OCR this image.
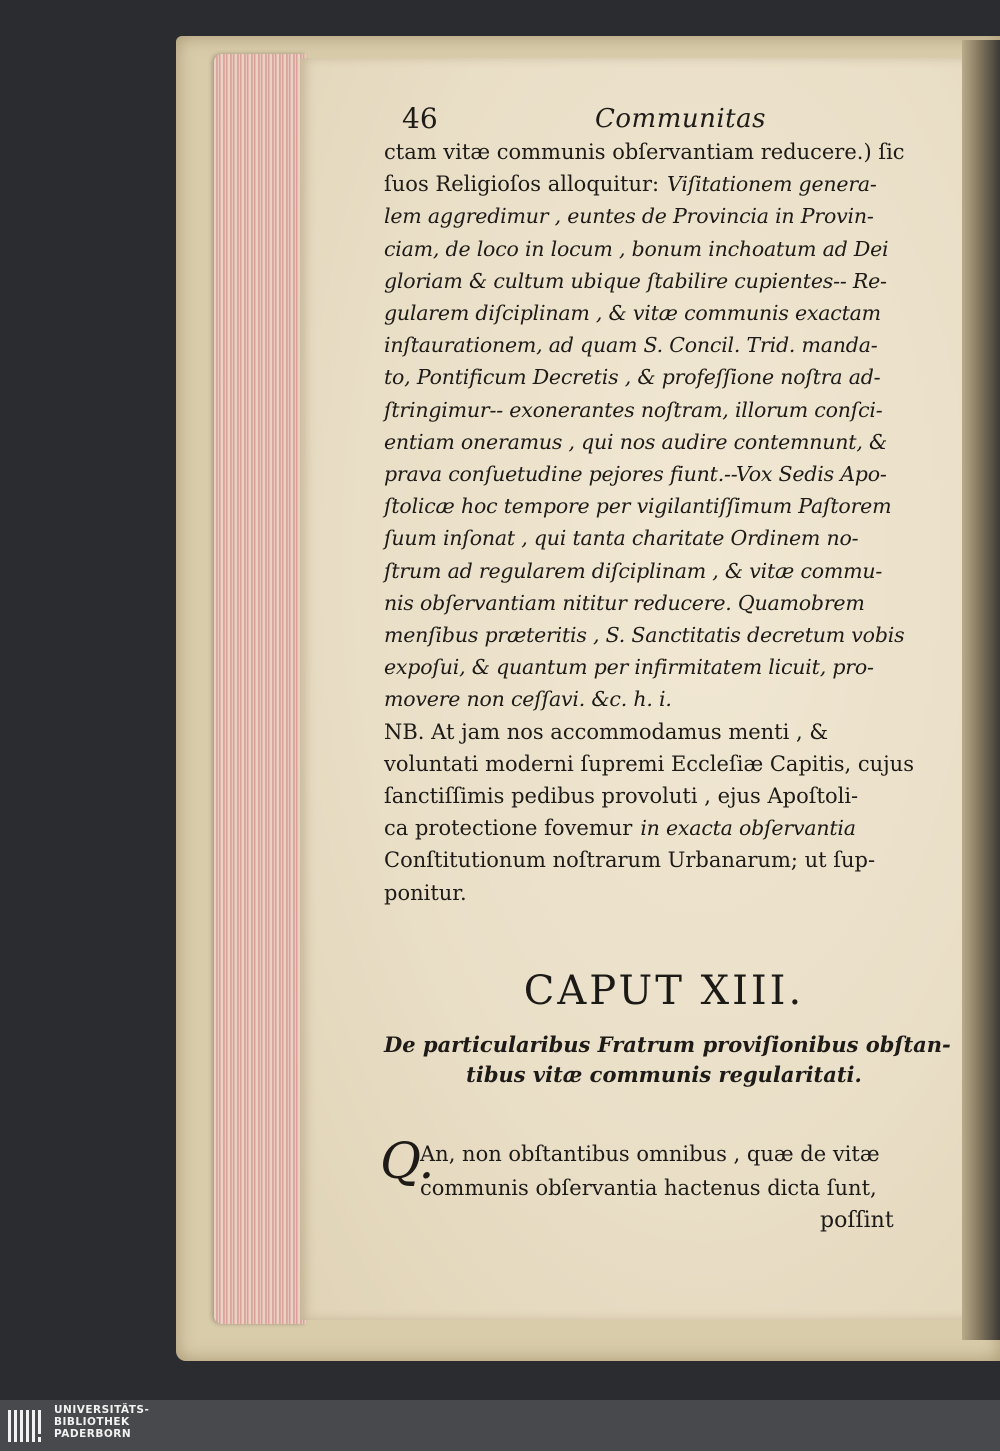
46	Communitas
ctam vitæ communis obſervantiam reducere.) ſic
ſuos Religioſos alloquitur: Viſitationem genera-
lem aggredimur , euntes de Provincia in Provin-
ciam, de loco in locum , bonum inchoatum ad Dei
gloriam & cultum ubique ſtabilire cupientes-- Re-
gularem diſciplinam , & vitæ communis exactam
inſtaurationem, ad quam S. Concil. Trid. manda-
to, Pontificum Decretis , & profeſſione noſtra ad-
ſtringimur-- exonerantes noſtram, illorum conſci-
entiam oneramus , qui nos audire contemnunt, &
prava conſuetudine pejores fiunt.--Vox Sedis Apo-
ſtolicæ hoc tempore per vigilantiſſimum Paſtorem
ſuum inſonat , qui tanta charitate Ordinem no-
ſtrum ad regularem diſciplinam , & vitæ commu-
nis obſervantiam nititur reducere. Quamobrem
menſibus præteritis , S. Sanctitatis decretum vobis
expoſui, & quantum per infirmitatem licuit, pro-
movere non ceſſavi. &c. h. i.
NB. At jam nos accommodamus menti , &
voluntati moderni ſupremi Eccleſiæ Capitis, cujus
ſanctiſſimis pedibus provoluti , ejus Apoſtoli-
ca protectione fovemur in exacta obſervantia
Conſtitutionum noſtrarum Urbanarum; ut ſup-
ponitur.
CAPUT XIII.
De particularibus Fratrum proviſionibus obſtan-
tibus vitæ communis regularitati.
Q.
An, non obſtantibus omnibus , quæ de vitæ
communis obſervantia hactenus dicta ſunt,
poſſint
UNIVERSITÄTS-
BIBLIOTHEK
PADERBORN
